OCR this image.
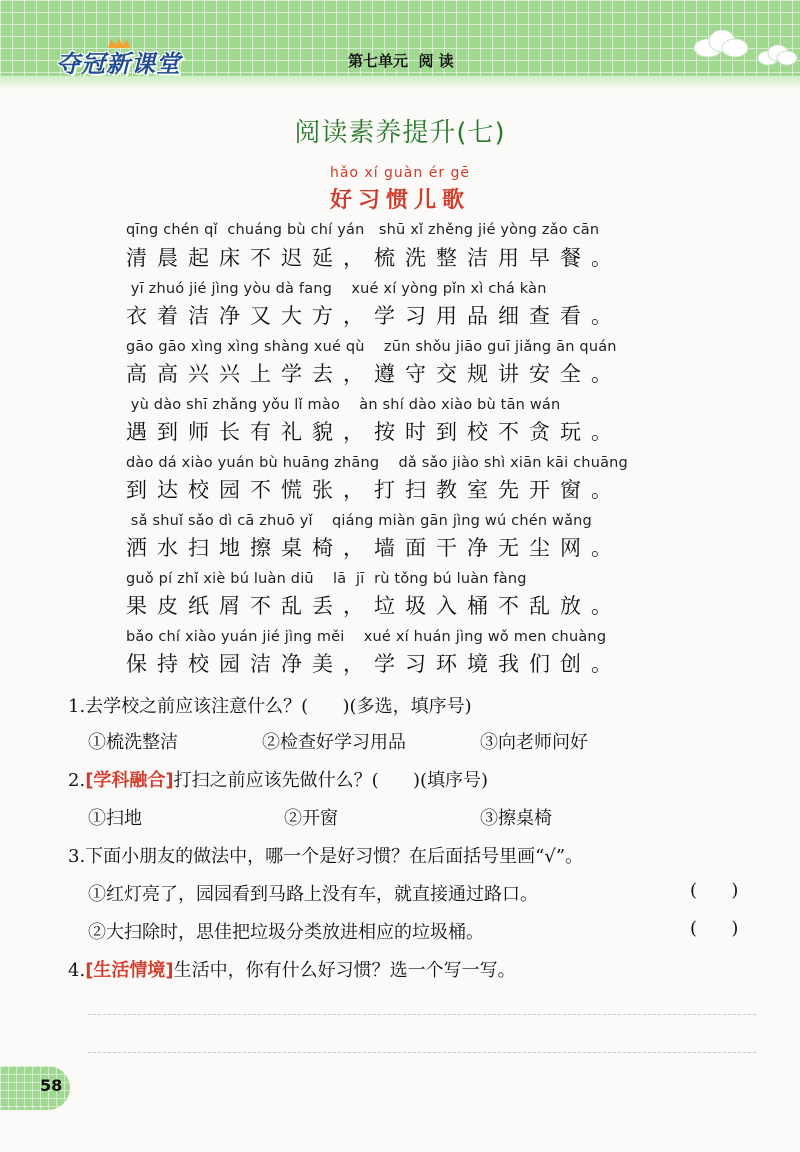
夺冠新课堂	第七单元  阅 读
阅读素养提升(七)
hǎo xí guàn ér gē
好习惯儿歌
qīng chén qǐ  chuáng bù chí yán   shū xǐ zhěng jié yòng zǎo cān
清晨起床不迟延，梳洗整洁用早餐。
yī zhuó jié jìng yòu dà fang    xué xí yòng pǐn xì chá kàn
衣着洁净又大方，学习用品细查看。
gāo gāo xìng xìng shàng xué qù    zūn shǒu jiāo guī jiǎng ān quán
高高兴兴上学去，遵守交规讲安全。
yù dào shī zhǎng yǒu lǐ mào    àn shí dào xiào bù tān wán
遇到师长有礼貌，按时到校不贪玩。
dào dá xiào yuán bù huāng zhāng    dǎ sǎo jiào shì xiān kāi chuāng
到达校园不慌张，打扫教室先开窗。
sǎ shuǐ sǎo dì cā zhuō yǐ    qiáng miàn gān jìng wú chén wǎng
洒水扫地擦桌椅，墙面干净无尘网。
guǒ pí zhǐ xiè bú luàn diū    lā  jī  rù tǒng bú luàn fàng
果皮纸屑不乱丢，垃圾入桶不乱放。
bǎo chí xiào yuán jié jìng měi    xué xí huán jìng wǒ men chuàng
保持校园洁净美，学习环境我们创。
1.去学校之前应该注意什么？(      )(多选，填序号)
①梳洗整洁	②检查好学习用品	③向老师问好
2.[学科融合]打扫之前应该先做什么？(      )(填序号)
①扫地	②开窗	③擦桌椅
3.下面小朋友的做法中，哪一个是好习惯？在后面括号里画“√”。
①红灯亮了，园园看到马路上没有车，就直接通过路口。	(      )
②大扫除时，思佳把垃圾分类放进相应的垃圾桶。	(      )
4.[生活情境]生活中，你有什么好习惯？选一个写一写。
58
